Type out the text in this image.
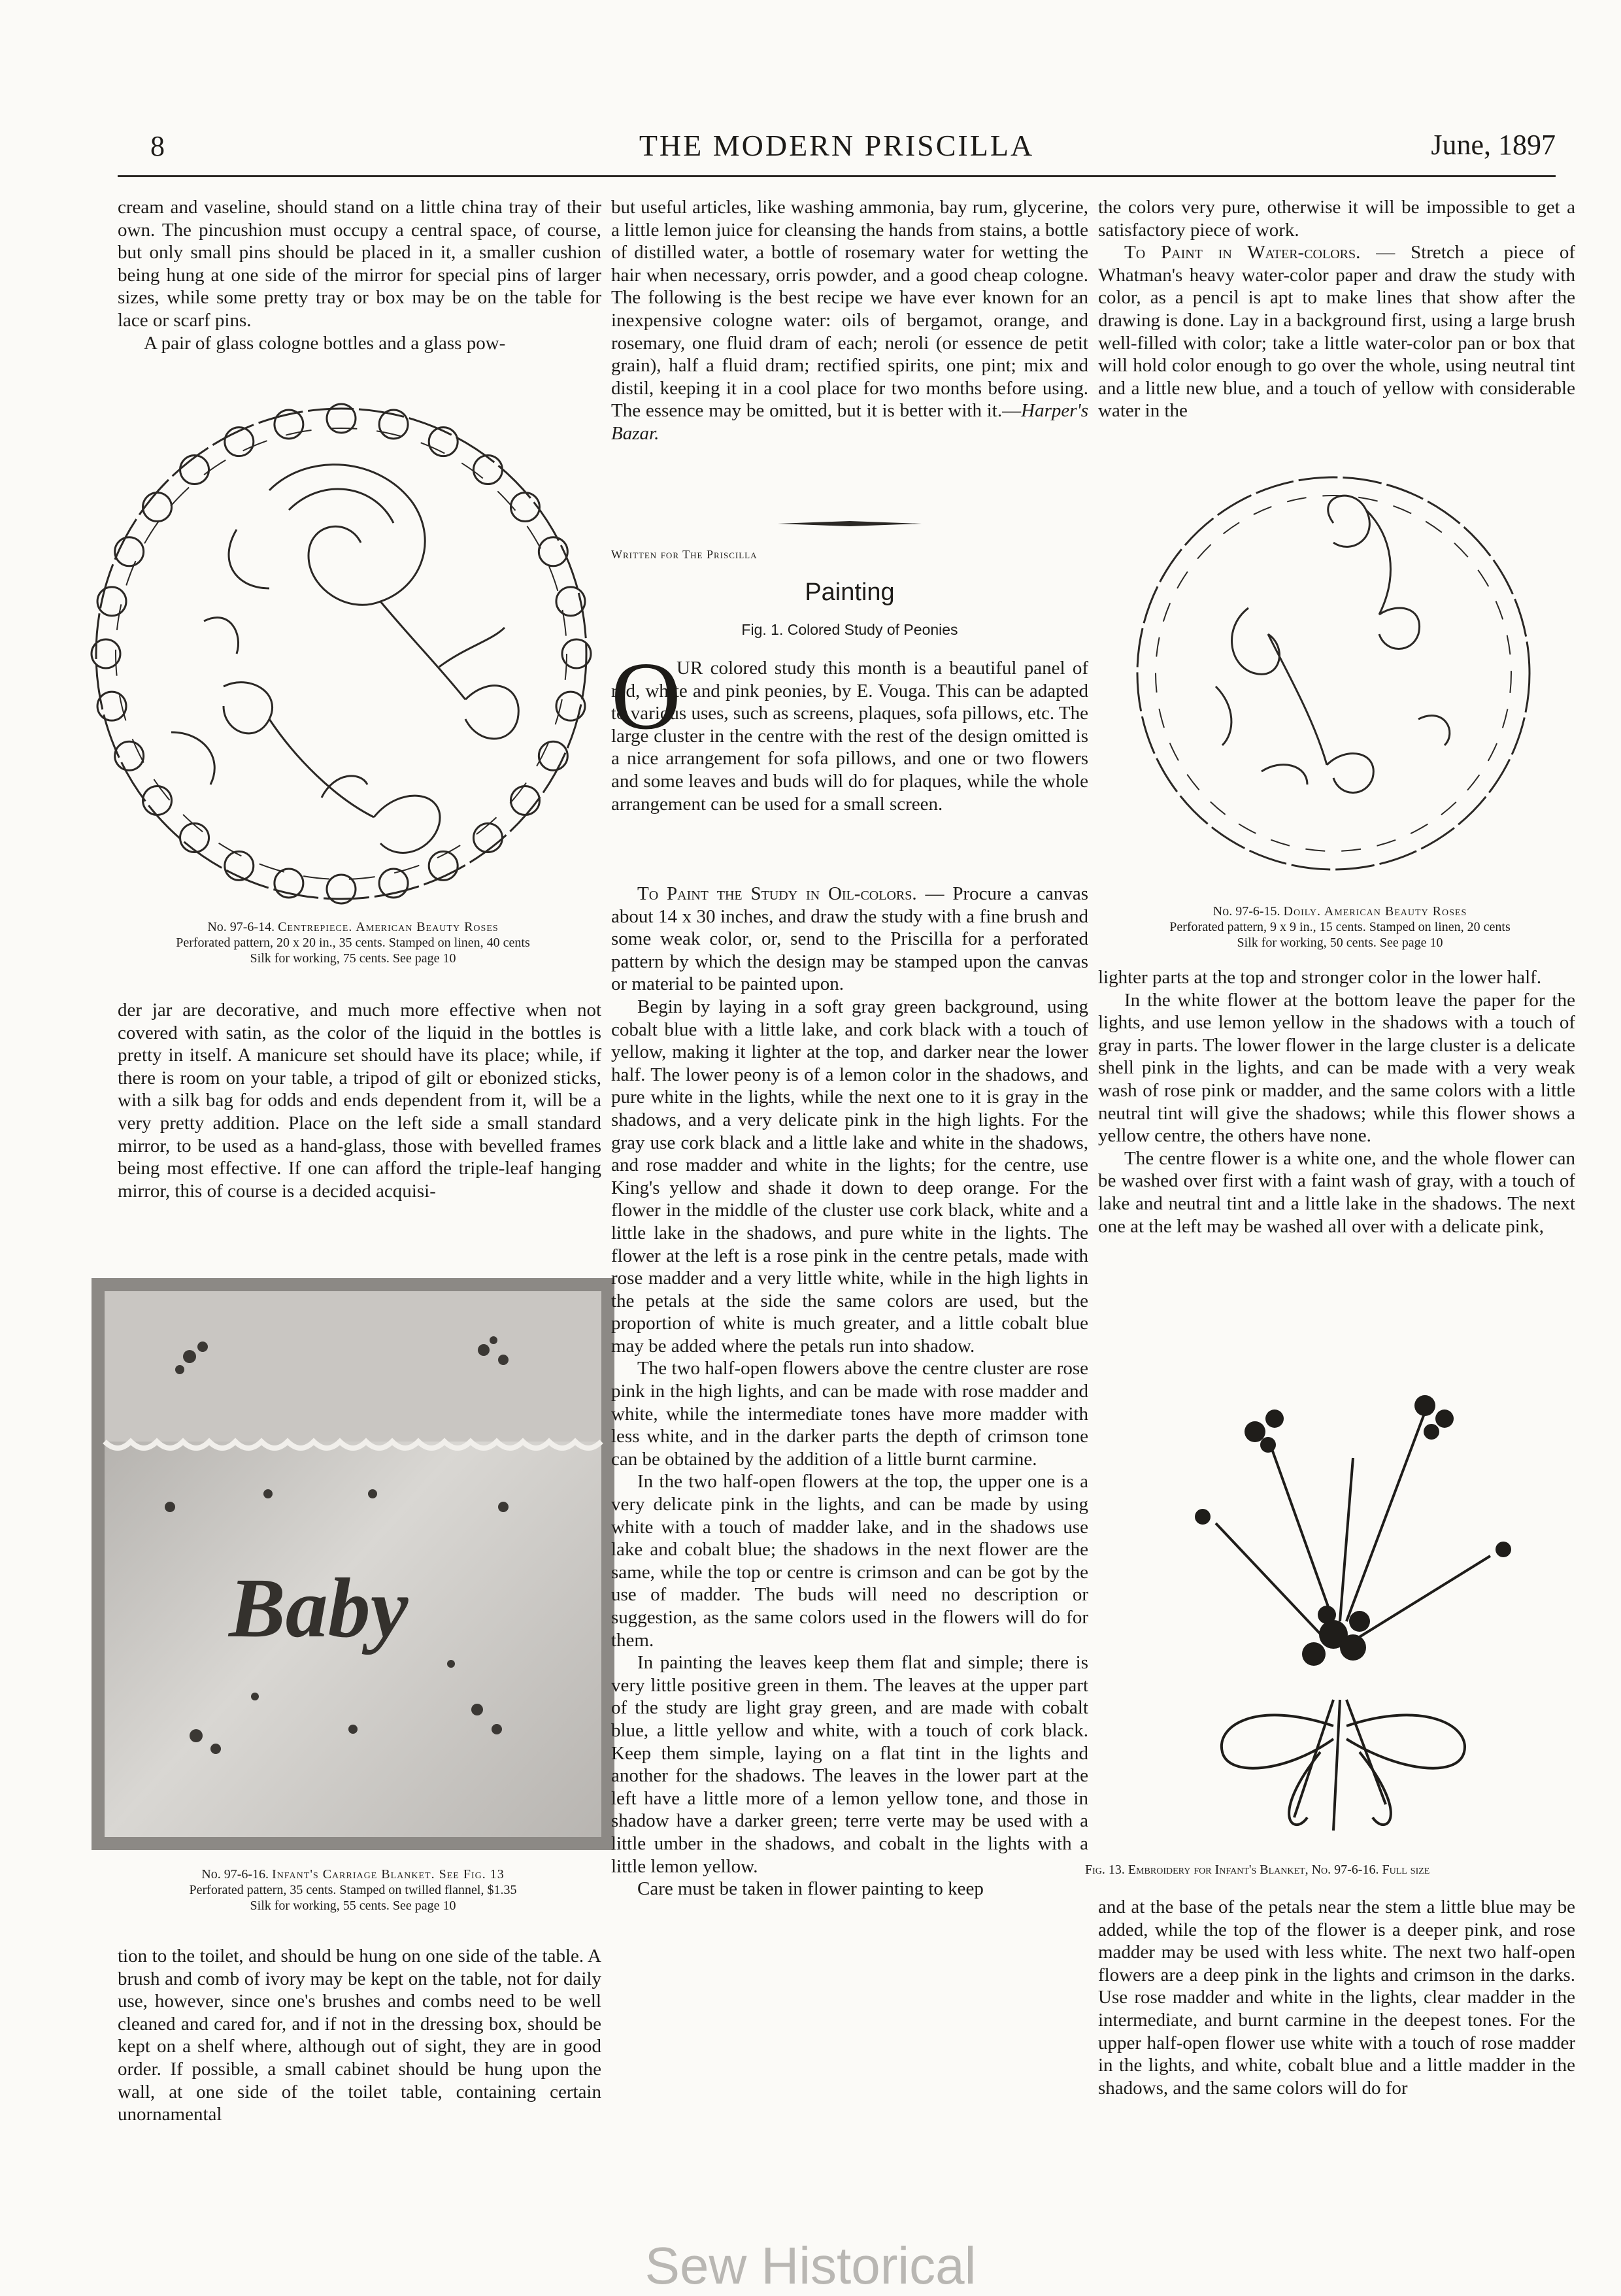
8	THE MODERN PRISCILLA	June, 1897

cream and vaseline, should stand on a little china tray of their own. The pincushion must occupy a central space, of course, but only small pins should be placed in it, a smaller cushion being hung at one side of the mirror for special pins of larger sizes, while some pretty tray or box may be on the table for lace or scarf pins.

A pair of glass cologne bottles and a glass pow-

No. 97-6-14. Centrepiece. American Beauty Roses
Perforated pattern, 20 x 20 in., 35 cents. Stamped on linen, 40 cents
Silk for working, 75 cents. See page 10

der jar are decorative, and much more effective when not covered with satin, as the color of the liquid in the bottles is pretty in itself. A manicure set should have its place; while, if there is room on your table, a tripod of gilt or ebonized sticks, with a silk bag for odds and ends dependent from it, will be a very pretty addition. Place on the left side a small standard mirror, to be used as a hand-glass, those with bevelled frames being most effective. If one can afford the triple-leaf hanging mirror, this of course is a decided acquisi-

Baby
No. 97-6-16. Infant's Carriage Blanket. See Fig. 13
Perforated pattern, 35 cents. Stamped on twilled flannel, $1.35
Silk for working, 55 cents. See page 10

tion to the toilet, and should be hung on one side of the table. A brush and comb of ivory may be kept on the table, not for daily use, however, since one's brushes and combs need to be well cleaned and cared for, and if not in the dressing box, should be kept on a shelf where, although out of sight, they are in good order. If possible, a small cabinet should be hung upon the wall, at one side of the toilet table, containing certain unornamental

but useful articles, like washing ammonia, bay rum, glycerine, a little lemon juice for cleansing the hands from stains, a bottle of distilled water, a bottle of rosemary water for wetting the hair when necessary, orris powder, and a good cheap cologne. The following is the best recipe we have ever known for an inexpensive cologne water: oils of bergamot, orange, and rosemary, one fluid dram of each; neroli (or essence de petit grain), half a fluid dram; rectified spirits, one pint; mix and distil, keeping it in a cool place for two months before using. The essence may be omitted, but it is better with it.—Harper's Bazar.

Written for The Priscilla
Painting
Fig. 1. Colored Study of Peonies
O

UR colored study this month is a beautiful panel of red, white and pink peonies, by E. Vouga. This can be adapted to various uses, such as screens, plaques, sofa pillows, etc. The large cluster in the centre with the rest of the design omitted is a nice arrangement for sofa pillows, and one or two flowers and some leaves and buds will do for plaques, while the whole arrangement can be used for a small screen.

To Paint the Study in Oil-colors. — Procure a canvas about 14 x 30 inches, and draw the study with a fine brush and some weak color, or, send to the Priscilla for a perforated pattern by which the design may be stamped upon the canvas or material to be painted upon.

Begin by laying in a soft gray green background, using cobalt blue with a little lake, and cork black with a touch of yellow, making it lighter at the top, and darker near the lower half. The lower peony is of a lemon color in the shadows, and pure white in the lights, while the next one to it is gray in the shadows, and a very delicate pink in the high lights. For the gray use cork black and a little lake and white in the shadows, and rose madder and white in the lights; for the centre, use King's yellow and shade it down to deep orange. For the flower in the middle of the cluster use cork black, white and a little lake in the shadows, and pure white in the lights. The flower at the left is a rose pink in the centre petals, made with rose madder and a very little white, while in the high lights in the petals at the side the same colors are used, but the proportion of white is much greater, and a little cobalt blue may be added where the petals run into shadow.

The two half-open flowers above the centre cluster are rose pink in the high lights, and can be made with rose madder and white, while the intermediate tones have more madder with less white, and in the darker parts the depth of crimson tone can be obtained by the addition of a little burnt carmine.

In the two half-open flowers at the top, the upper one is a very delicate pink in the lights, and can be made by using white with a touch of madder lake, and in the shadows use lake and cobalt blue; the shadows in the next flower are the same, while the top or centre is crimson and can be got by the use of madder. The buds will need no description or suggestion, as the same colors used in the flowers will do for them.

In painting the leaves keep them flat and simple; there is very little positive green in them. The leaves at the upper part of the study are light gray green, and are made with cobalt blue, a little yellow and white, with a touch of cork black. Keep them simple, laying on a flat tint in the lights and another for the shadows. The leaves in the lower part at the left have a little more of a lemon yellow tone, and those in shadow have a darker green; terre verte may be used with a little umber in the shadows, and cobalt in the lights with a little lemon yellow.

Care must be taken in flower painting to keep

the colors very pure, otherwise it will be impossible to get a satisfactory piece of work.

To Paint in Water-colors. — Stretch a piece of Whatman's heavy water-color paper and draw the study with color, as a pencil is apt to make lines that show after the drawing is done. Lay in a background first, using a large brush well-filled with color; take a little water-color pan or box that will hold color enough to go over the whole, using neutral tint and a little new blue, and a touch of yellow with considerable water in the

No. 97-6-15. Doily. American Beauty Roses
Perforated pattern, 9 x 9 in., 15 cents. Stamped on linen, 20 cents
Silk for working, 50 cents. See page 10

lighter parts at the top and stronger color in the lower half.

In the white flower at the bottom leave the paper for the lights, and use lemon yellow in the shadows with a touch of gray in parts. The lower flower in the large cluster is a delicate shell pink in the lights, and can be made with a very weak wash of rose pink or madder, and the same colors with a little neutral tint will give the shadows; while this flower shows a yellow centre, the others have none.

The centre flower is a white one, and the whole flower can be washed over first with a faint wash of gray, with a touch of lake and neutral tint and a little lake in the shadows. The next one at the left may be washed all over with a delicate pink,

Fig. 13. Embroidery for Infant's Blanket, No. 97-6-16. Full size

and at the base of the petals near the stem a little blue may be added, while the top of the flower is a deeper pink, and rose madder may be used with less white. The next two half-open flowers are a deep pink in the lights and crimson in the darks. Use rose madder and white in the lights, clear madder in the intermediate, and burnt carmine in the deepest tones. For the upper half-open flower use white with a touch of rose madder in the lights, and white, cobalt blue and a little madder in the shadows, and the same colors will do for

Sew Historical
